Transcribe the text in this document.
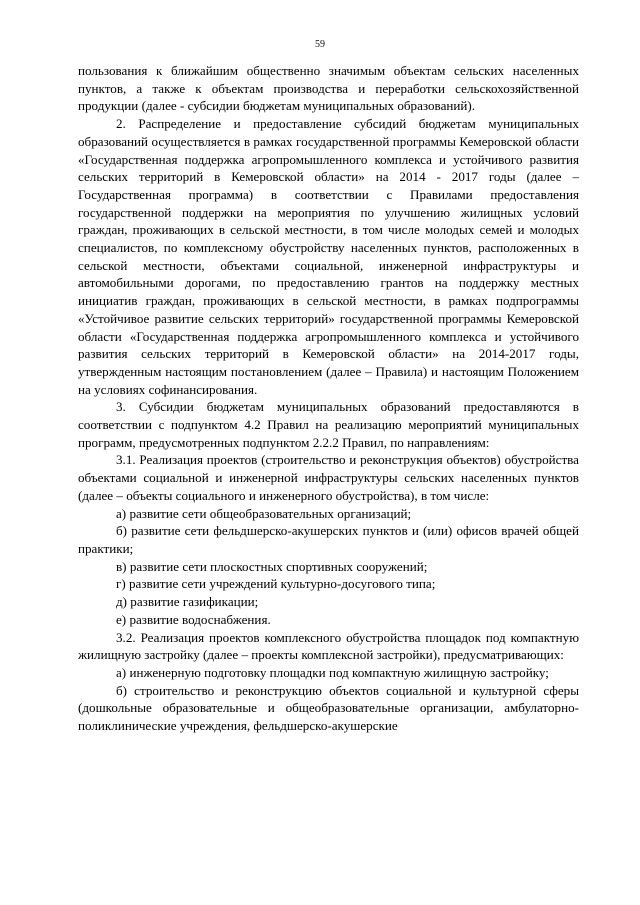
59

пользования к ближайшим общественно значимым объектам сельских населенных пунктов, а также к объектам производства и переработки сельскохозяйственной продукции (далее - субсидии бюджетам муниципальных образований).

2. Распределение и предоставление субсидий бюджетам муниципальных образований осуществляется в рамках государственной программы Кемеровской области «Государственная поддержка агропромышленного комплекса и устойчивого развития сельских территорий в Кемеровской области» на 2014 - 2017 годы (далее – Государственная программа) в соответствии с Правилами предоставления государственной поддержки на мероприятия по улучшению жилищных условий граждан, проживающих в сельской местности, в том числе молодых семей и молодых специалистов, по комплексному обустройству населенных пунктов, расположенных в сельской местности, объектами социальной, инженерной инфраструктуры и автомобильными дорогами, по предоставлению грантов на поддержку местных инициатив граждан, проживающих в сельской местности, в рамках подпрограммы «Устойчивое развитие сельских территорий» государственной программы Кемеровской области «Государственная поддержка агропромышленного комплекса и устойчивого развития сельских территорий в Кемеровской области» на 2014-2017 годы, утвержденным настоящим постановлением (далее – Правила) и настоящим Положением на условиях софинансирования.

3. Субсидии бюджетам муниципальных образований предоставляются в соответствии с подпунктом 4.2 Правил на реализацию мероприятий муниципальных программ, предусмотренных подпунктом 2.2.2 Правил, по направлениям:

3.1. Реализация проектов (строительство и реконструкция объектов) обустройства объектами социальной и инженерной инфраструктуры сельских населенных пунктов (далее – объекты социального и инженерного обустройства), в том числе:

а) развитие сети общеобразовательных организаций;

б) развитие сети фельдшерско-акушерских пунктов и (или) офисов врачей общей практики;

в) развитие сети плоскостных спортивных сооружений;

г) развитие сети учреждений культурно-досугового типа;

д) развитие газификации;

е) развитие водоснабжения.

3.2. Реализация проектов комплексного обустройства площадок под компактную жилищную застройку (далее – проекты комплексной застройки), предусматривающих:

а) инженерную подготовку площадки под компактную жилищную застройку;

б) строительство и реконструкцию объектов социальной и культурной сферы (дошкольные образовательные и общеобразовательные организации, амбулаторно-поликлинические учреждения, фельдшерско-акушерские
